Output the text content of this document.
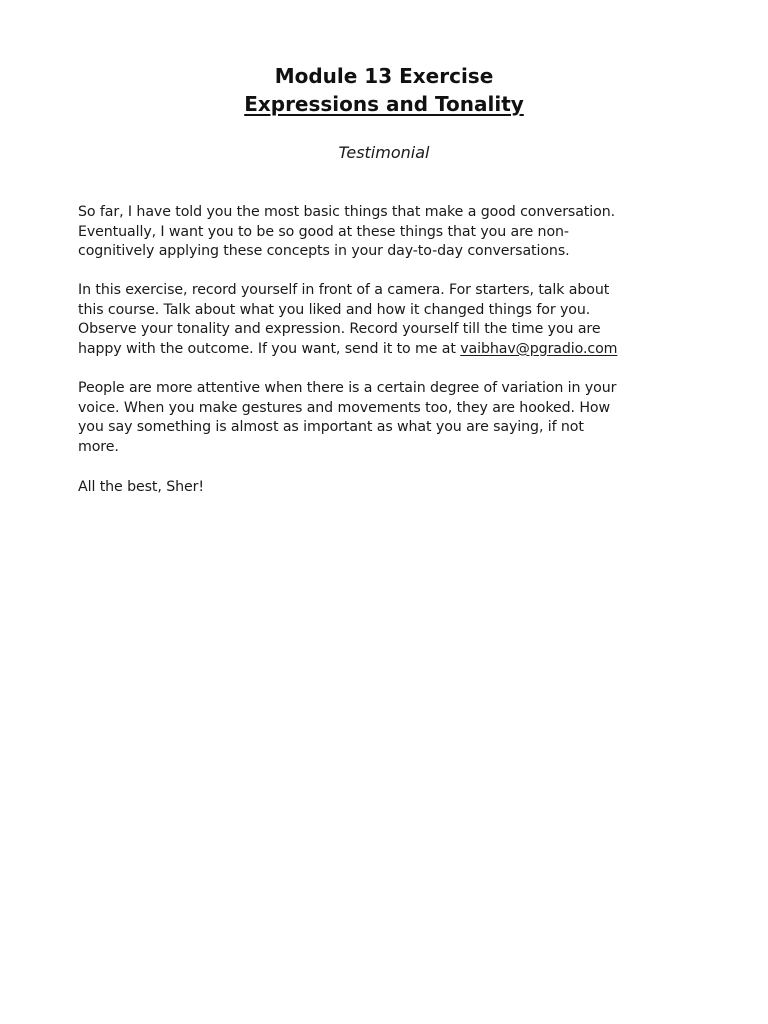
Module 13 Exercise
Expressions and Tonality
Testimonial
So far, I have told you the most basic things that make a good conversation.
Eventually, I want you to be so good at these things that you are non-
cognitively applying these concepts in your day-to-day conversations.
In this exercise, record yourself in front of a camera. For starters, talk about
this course. Talk about what you liked and how it changed things for you.
Observe your tonality and expression. Record yourself till the time you are
happy with the outcome. If you want, send it to me at vaibhav@pgradio.com
People are more attentive when there is a certain degree of variation in your
voice. When you make gestures and movements too, they are hooked. How
you say something is almost as important as what you are saying, if not
more.
All the best, Sher!
